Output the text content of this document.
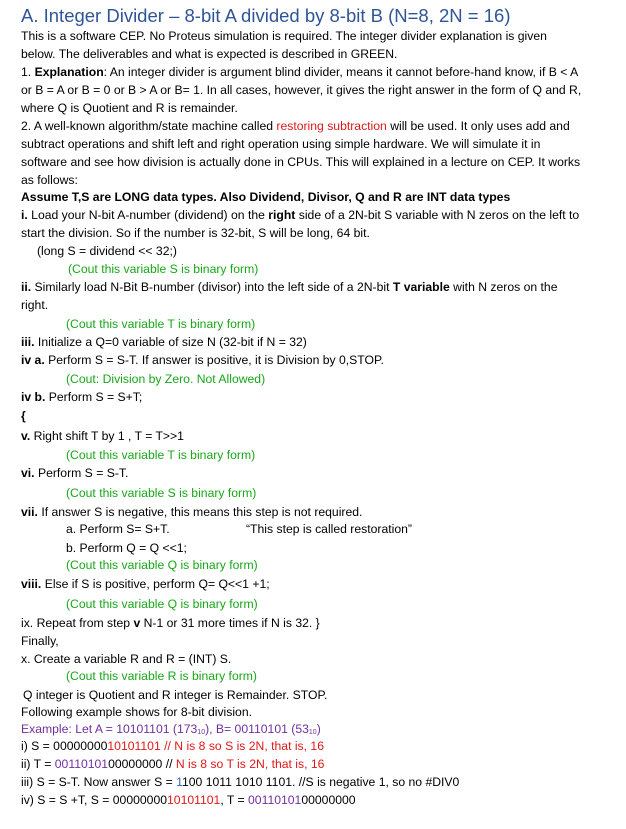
A. Integer Divider – 8-bit A divided by 8-bit B (N=8, 2N = 16)
This is a software CEP. No Proteus simulation is required. The integer divider explanation is given
below. The deliverables and what is expected is described in GREEN.
1. Explanation: An integer divider is argument blind divider, means it cannot before-hand know, if B < A
or B = A or B = 0 or B > A or B= 1. In all cases, however, it gives the right answer in the form of Q and R,
where Q is Quotient and R is remainder.
2. A well-known algorithm/state machine called restoring subtraction will be used. It only uses add and
subtract operations and shift left and right operation using simple hardware. We will simulate it in
software and see how division is actually done in CPUs. This will explained in a lecture on CEP. It works
as follows:
Assume T,S are LONG data types. Also Dividend, Divisor, Q and R are INT data types
i. Load your N-bit A-number (dividend) on the right side of a 2N-bit S variable with N zeros on the left to
start the division. So if the number is 32-bit, S will be long, 64 bit.
(long S = dividend << 32;)
(Cout this variable S is binary form)
ii. Similarly load N-Bit B-number (divisor) into the left side of a 2N-bit T variable with N zeros on the
right.
(Cout this variable T is binary form)
iii. Initialize a Q=0 variable of size N (32-bit if N = 32)
iv a. Perform S = S-T. If answer is positive, it is Division by 0,STOP.
(Cout: Division by Zero. Not Allowed)
iv b. Perform S = S+T;
{
v. Right shift T by 1 , T = T>>1
(Cout this variable T is binary form)
vi. Perform S = S-T.
(Cout this variable S is binary form)
vii. If answer S is negative, this means this step is not required.
a. Perform S= S+T.	“This step is called restoration”
b. Perform Q = Q <<1;
(Cout this variable Q is binary form)
viii. Else if S is positive, perform Q= Q<<1 +1;
(Cout this variable Q is binary form)
ix. Repeat from step v N-1 or 31 more times if N is 32. }
Finally,
x. Create a variable R and R = (INT) S.
(Cout this variable R is binary form)
Q integer is Quotient and R integer is Remainder. STOP.
Following example shows for 8-bit division.
Example: Let A = 10101101 $(173_{10})$, B= 00110101 $(53_{10})$
i) S = 0000000010101101 // N is 8 so S is 2N, that is, 16
ii) T = 0011010100000000 // N is 8 so T is 2N, that is, 16
iii) S = S-T. Now answer S = 1100 1011 1010 1101. //S is negative 1, so no #DIV0
iv) S = S +T, S = 0000000010101101, T = 0011010100000000
